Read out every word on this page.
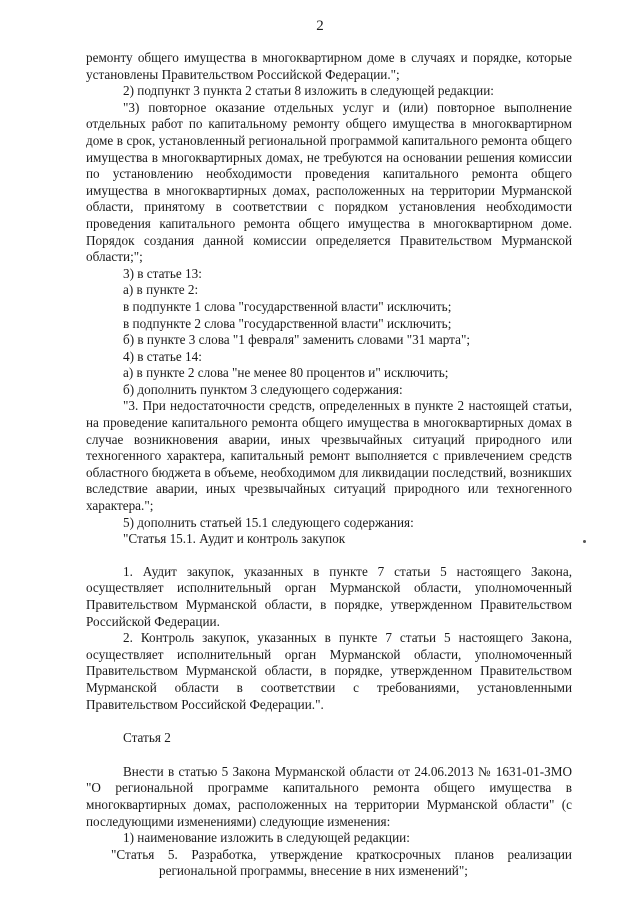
2

ремонту общего имущества в многоквартирном доме в случаях и порядке, которые установлены Правительством Российской Федерации.";

2) подпункт 3 пункта 2 статьи 8 изложить в следующей редакции:

"3) повторное оказание отдельных услуг и (или) повторное выполнение отдельных работ по капитальному ремонту общего имущества в многоквартирном доме в срок, установленный региональной программой капитального ремонта общего имущества в многоквартирных домах, не требуются на основании решения комиссии по установлению необходимости проведения капитального ремонта общего имущества в многоквартирных домах, расположенных на территории Мурманской области, принятому в соответствии с порядком установления необходимости проведения капитального ремонта общего имущества в многоквартирном доме. Порядок создания данной комиссии определяется Правительством Мурманской области;";

3) в статье 13:

а) в пункте 2:

в подпункте 1 слова "государственной власти" исключить;

в подпункте 2 слова "государственной власти" исключить;

б) в пункте 3 слова "1 февраля" заменить словами "31 марта";

4) в статье 14:

а) в пункте 2 слова "не менее 80 процентов и" исключить;

б) дополнить пунктом 3 следующего содержания:

"3. При недостаточности средств, определенных в пункте 2 настоящей статьи, на проведение капитального ремонта общего имущества в многоквартирных домах в случае возникновения аварии, иных чрезвычайных ситуаций природного или техногенного характера, капитальный ремонт выполняется с привлечением средств областного бюджета в объеме, необходимом для ликвидации последствий, возникших вследствие аварии, иных чрезвычайных ситуаций природного или техногенного характера.";

5) дополнить статьей 15.1 следующего содержания:

"Статья 15.1. Аудит и контроль закупок

1. Аудит закупок, указанных в пункте 7 статьи 5 настоящего Закона, осуществляет исполнительный орган Мурманской области, уполномоченный Правительством Мурманской области, в порядке, утвержденном Правительством Российской Федерации.

2. Контроль закупок, указанных в пункте 7 статьи 5 настоящего Закона, осуществляет исполнительный орган Мурманской области, уполномоченный Правительством Мурманской области, в порядке, утвержденном Правительством Мурманской области в соответствии с требованиями, установленными Правительством Российской Федерации.".

Статья 2

Внести в статью 5 Закона Мурманской области от 24.06.2013 № 1631-01-ЗМО "О региональной программе капитального ремонта общего имущества в многоквартирных домах, расположенных на территории Мурманской области" (с последующими изменениями) следующие изменения:

1) наименование изложить в следующей редакции:

"Статья 5. Разработка, утверждение краткосрочных планов реализации региональной программы, внесение в них изменений";
